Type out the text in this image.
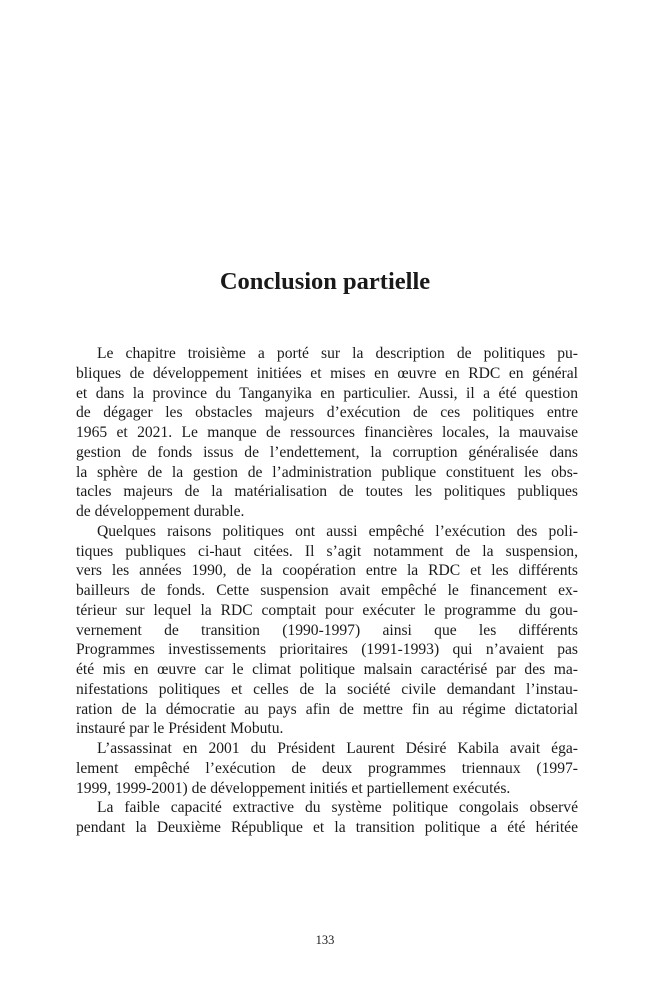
Conclusion partielle
Le chapitre troisième a porté sur la description de politiques pu-
bliques de développement initiées et mises en œuvre en RDC en général
et dans la province du Tanganyika en particulier. Aussi, il a été question
de dégager les obstacles majeurs d’exécution de ces politiques entre
1965 et 2021. Le manque de ressources financières locales, la mauvaise
gestion de fonds issus de l’endettement, la corruption généralisée dans
la sphère de la gestion de l’administration publique constituent les obs-
tacles majeurs de la matérialisation de toutes les politiques publiques
de développement durable.
Quelques raisons politiques ont aussi empêché l’exécution des poli-
tiques publiques ci-haut citées. Il s’agit notamment de la suspension,
vers les années 1990, de la coopération entre la RDC et les différents
bailleurs de fonds. Cette suspension avait empêché le financement ex-
térieur sur lequel la RDC comptait pour exécuter le programme du gou-
vernement de transition (1990-1997) ainsi que les différents
Programmes investissements prioritaires (1991-1993) qui n’avaient pas
été mis en œuvre car le climat politique malsain caractérisé par des ma-
nifestations politiques et celles de la société civile demandant l’instau-
ration de la démocratie au pays afin de mettre fin au régime dictatorial
instauré par le Président Mobutu.
L’assassinat en 2001 du Président Laurent Désiré Kabila avait éga-
lement empêché l’exécution de deux programmes triennaux (1997-
1999, 1999-2001) de développement initiés et partiellement exécutés.
La faible capacité extractive du système politique congolais observé
pendant la Deuxième République et la transition politique a été héritée
133
